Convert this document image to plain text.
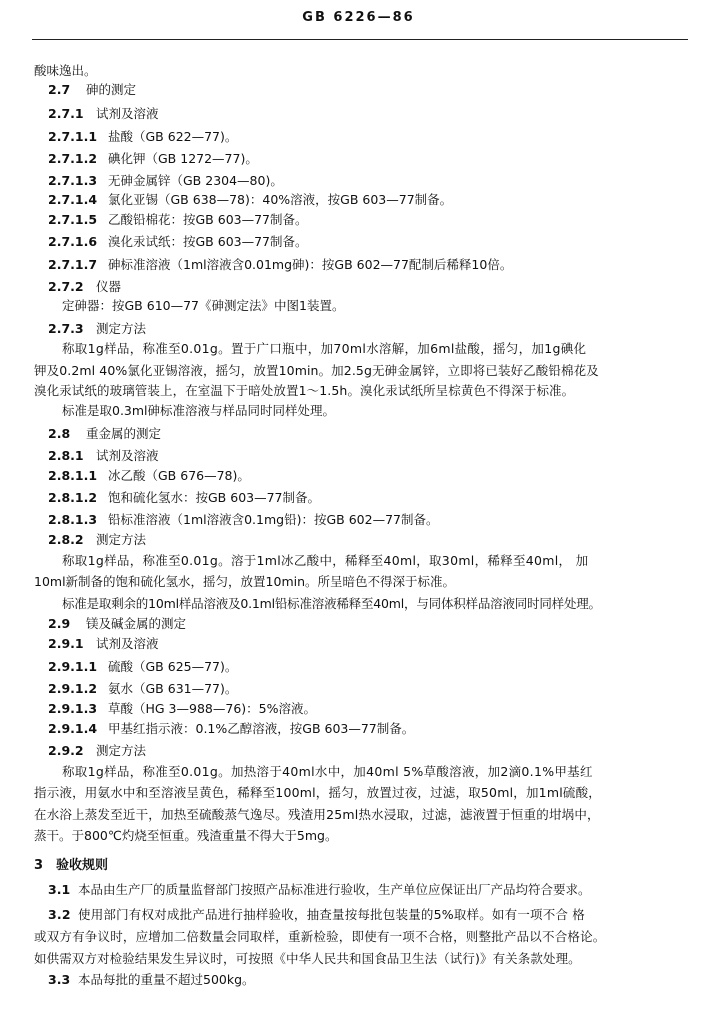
GB 6226—86
酸味逸出。
2.7 砷的测定
2.7.1 试剂及溶液
2.7.1.1 盐酸（GB 622—77)。
2.7.1.2 碘化钾（GB 1272—77)。
2.7.1.3 无砷金属锌（GB 2304—80)。
2.7.1.4 氯化亚锡（GB 638—78)：40%溶液，按GB 603—77制备。
2.7.1.5 乙酸铅棉花：按GB 603—77制备。
2.7.1.6 溴化汞试纸：按GB 603—77制备。
2.7.1.7 砷标准溶液（1ml溶液含0.01mg砷)：按GB 602—77配制后稀释10倍。
2.7.2 仪器
定砷器：按GB 610—77《砷测定法》中图1装置。
2.7.3 测定方法
称取1g样品，称准至0.01g。置于广口瓶中，加70ml水溶解，加6ml盐酸，摇匀，加1g碘化
钾及0.2ml 40%氯化亚锡溶液，摇匀，放置10min。加2.5g无砷金属锌，立即将已装好乙酸铅棉花及
溴化汞试纸的玻璃管装上，在室温下于暗处放置1～1.5h。溴化汞试纸所呈棕黄色不得深于标准。
标准是取0.3ml砷标准溶液与样品同时同样处理。
2.8 重金属的测定
2.8.1 试剂及溶液
2.8.1.1 冰乙酸（GB 676—78)。
2.8.1.2 饱和硫化氢水：按GB 603—77制备。
2.8.1.3 铅标准溶液（1ml溶液含0.1mg铅)：按GB 602—77制备。
2.8.2 测定方法
称取1g样品，称准至0.01g。溶于1ml冰乙酸中，稀释至40ml，取30ml，稀释至40ml， 加
10ml新制备的饱和硫化氢水，摇匀，放置10min。所呈暗色不得深于标准。
标准是取剩余的10ml样品溶液及0.1ml铅标准溶液稀释至40ml，与同体积样品溶液同时同样处理。
2.9 镁及碱金属的测定
2.9.1 试剂及溶液
2.9.1.1 硫酸（GB 625—77)。
2.9.1.2 氨水（GB 631—77)。
2.9.1.3 草酸（HG 3—988—76)：5%溶液。
2.9.1.4 甲基红指示液：0.1%乙醇溶液，按GB 603—77制备。
2.9.2 测定方法
称取1g样品，称准至0.01g。加热溶于40ml水中，加40ml 5%草酸溶液，加2滴0.1%甲基红
指示液，用氨水中和至溶液呈黄色，稀释至100ml，摇匀，放置过夜，过滤，取50ml，加1ml硫酸，
在水浴上蒸发至近干，加热至硫酸蒸气逸尽。残渣用25ml热水浸取，过滤，滤液置于恒重的坩埚中，
蒸干。于800℃灼烧至恒重。残渣重量不得大于5mg。
3 验收规则
3.1 本品由生产厂的质量监督部门按照产品标准进行验收，生产单位应保证出厂产品均符合要求。
3.2 使用部门有权对成批产品进行抽样验收，抽查量按每批包装量的5%取样。如有一项不合 格
或双方有争议时，应增加二倍数量会同取样，重新检验，即使有一项不合格，则整批产品以不合格论。
如供需双方对检验结果发生异议时，可按照《中华人民共和国食品卫生法（试行)》有关条款处理。
3.3 本品每批的重量不超过500kg。
